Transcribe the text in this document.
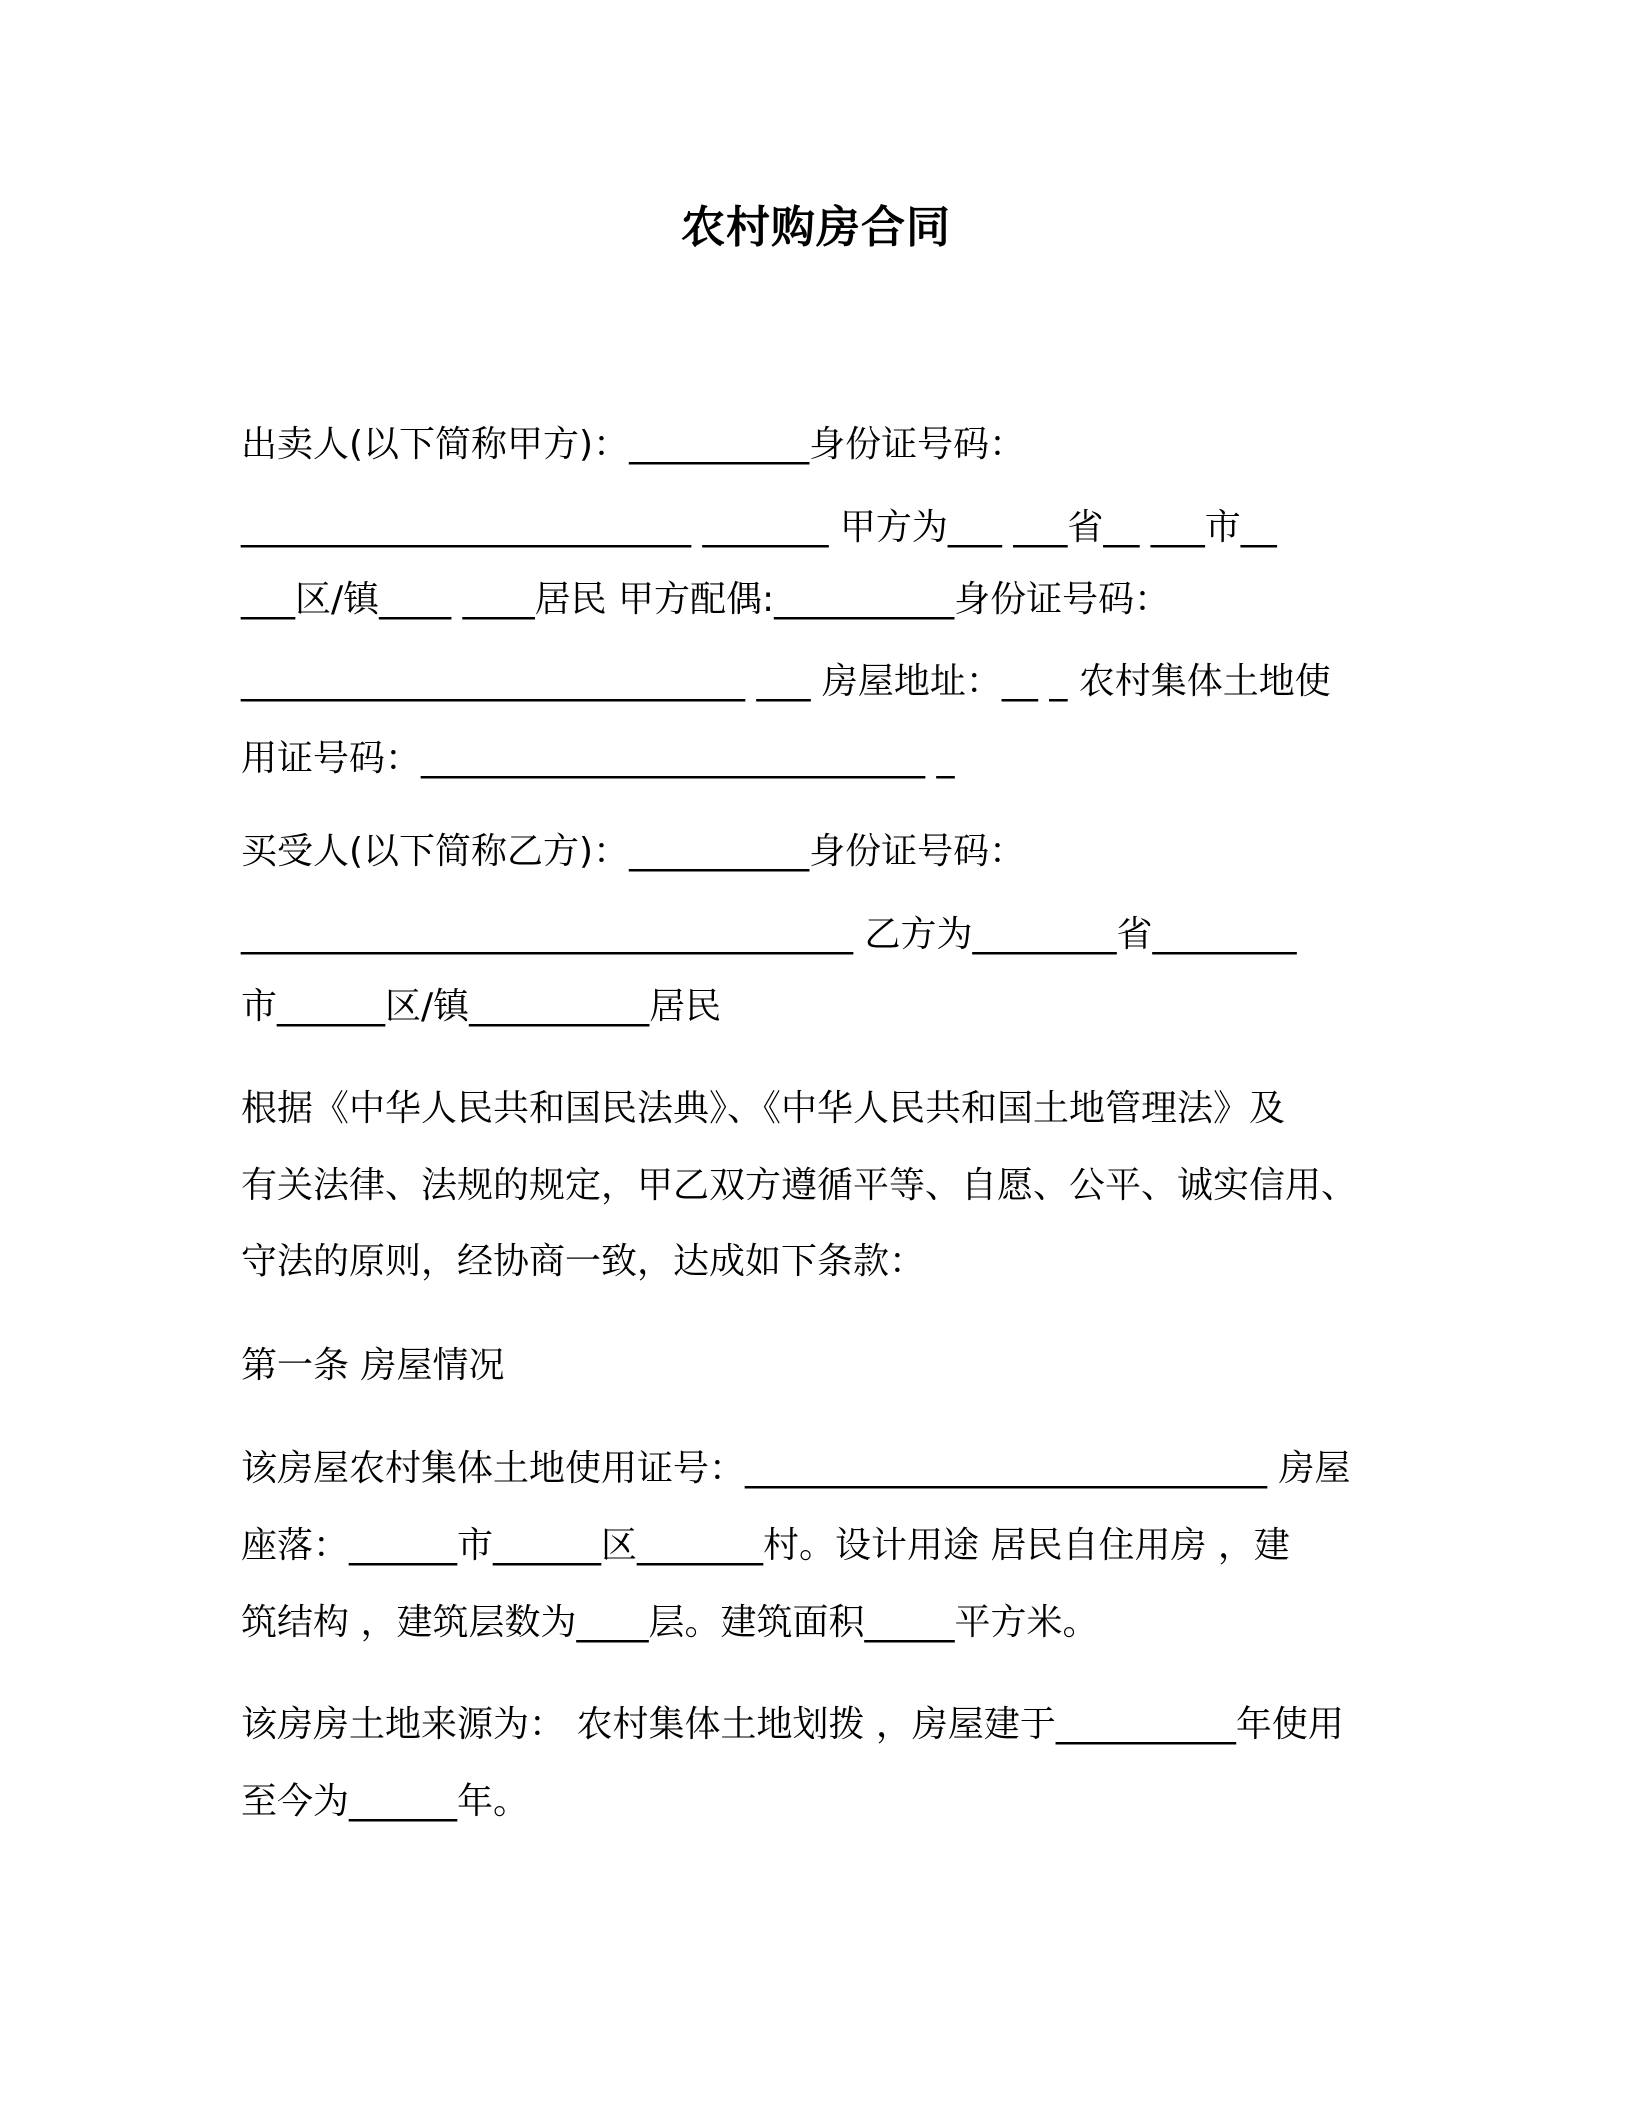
农村购房合同
出卖人(以下简称甲方)：__________身份证号码：
_________________________ _______ 甲方为___ ___省__ ___市__
___区/镇____ ____居民 甲方配偶:__________身份证号码：
____________________________ ___ 房屋地址：__ _ 农村集体土地使
用证号码：____________________________ _
买受人(以下简称乙方)：__________身份证号码：
__________________________________ 乙方为________省________
市______区/镇__________居民
根据《中华人民共和国民法典》、《中华人民共和国土地管理法》及
有关法律、法规的规定，甲乙双方遵循平等、自愿、公平、诚实信用、
守法的原则，经协商一致，达成如下条款：
第一条 房屋情况
该房屋农村集体土地使用证号：_____________________________ 房屋
座落：______市______区_______村。设计用途 居民自住用房 ，建
筑结构 ，建筑层数为____层。建筑面积_____平方米。
该房房土地来源为： 农村集体土地划拨 ，房屋建于__________年使用
至今为______年。
